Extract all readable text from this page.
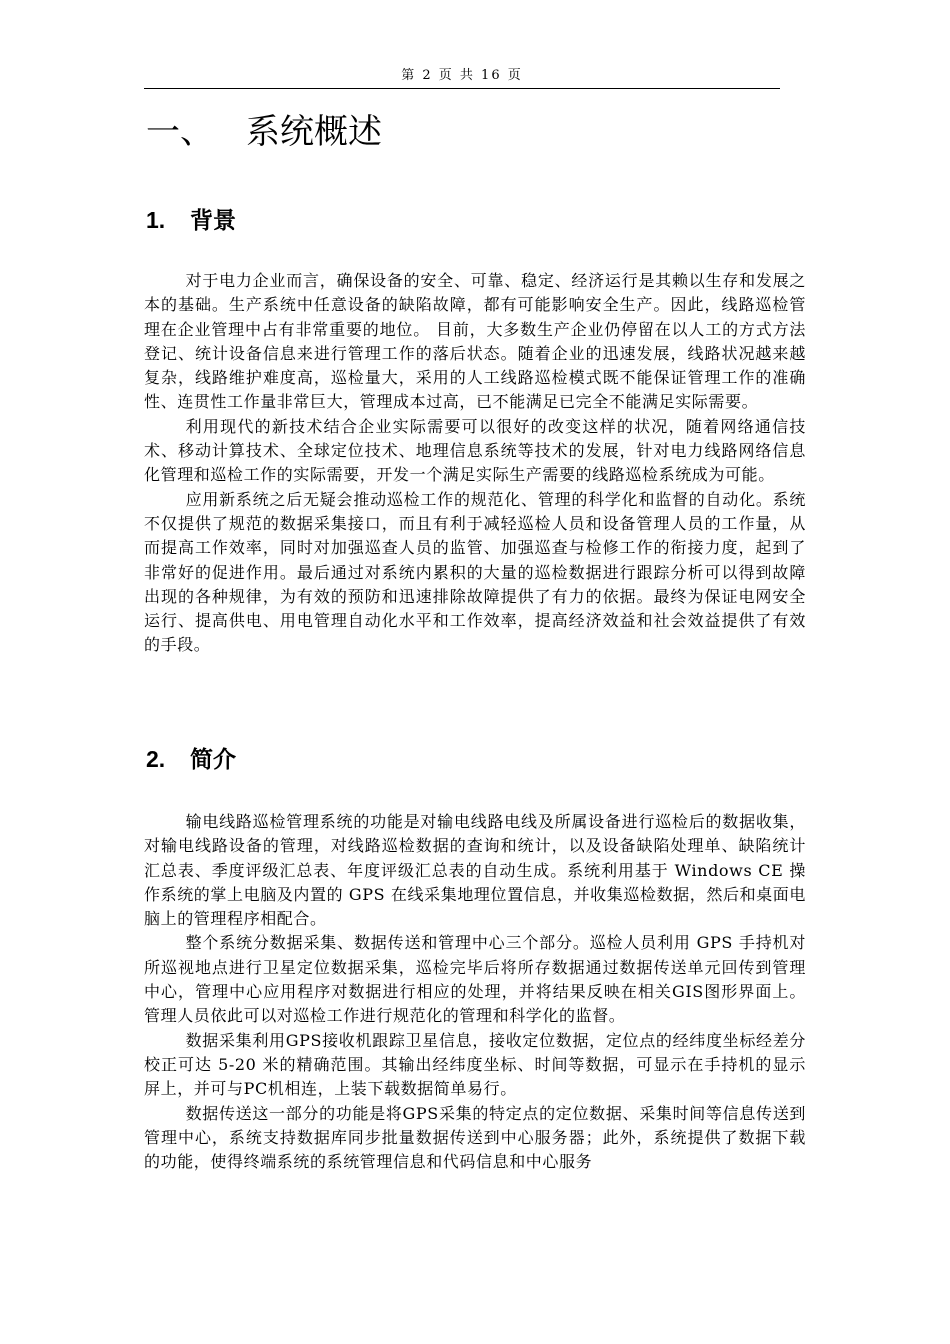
第 2 页 共 16 页
一、 系统概述
1. 背景

对于电力企业而言，确保设备的安全、可靠、稳定、经济运行是其赖以生存和发展之本的基础。生产系统中任意设备的缺陷故障，都有可能影响安全生产。因此，线路巡检管理在企业管理中占有非常重要的地位。 目前，大多数生产企业仍停留在以人工的方式方法登记、统计设备信息来进行管理工作的落后状态。随着企业的迅速发展，线路状况越来越复杂，线路维护难度高，巡检量大，采用的人工线路巡检模式既不能保证管理工作的准确性、连贯性工作量非常巨大，管理成本过高，已不能满足已完全不能满足实际需要。

利用现代的新技术结合企业实际需要可以很好的改变这样的状况，随着网络通信技术、移动计算技术、全球定位技术、地理信息系统等技术的发展，针对电力线路网络信息化管理和巡检工作的实际需要，开发一个满足实际生产需要的线路巡检系统成为可能。

应用新系统之后无疑会推动巡检工作的规范化、管理的科学化和监督的自动化。系统不仅提供了规范的数据采集接口，而且有利于减轻巡检人员和设备管理人员的工作量，从而提高工作效率，同时对加强巡查人员的监管、加强巡查与检修工作的衔接力度，起到了非常好的促进作用。最后通过对系统内累积的大量的巡检数据进行跟踪分析可以得到故障出现的各种规律，为有效的预防和迅速排除故障提供了有力的依据。最终为保证电网安全运行、提高供电、用电管理自动化水平和工作效率，提高经济效益和社会效益提供了有效的手段。

2. 简介

输电线路巡检管理系统的功能是对输电线路电线及所属设备进行巡检后的数据收集，对输电线路设备的管理，对线路巡检数据的查询和统计，以及设备缺陷处理单、缺陷统计汇总表、季度评级汇总表、年度评级汇总表的自动生成。系统利用基于 Windows CE 操作系统的掌上电脑及内置的 GPS 在线采集地理位置信息，并收集巡检数据，然后和桌面电脑上的管理程序相配合。

整个系统分数据采集、数据传送和管理中心三个部分。巡检人员利用 GPS 手持机对 所巡视地点进行卫星定位数据采集，巡检完毕后将所存数据通过数据传送单元回传到管理中心，管理中心应用程序对数据进行相应的处理，并将结果反映在相关GIS图形界面上。管理人员依此可以对巡检工作进行规范化的管理和科学化的监督。

数据采集利用GPS接收机跟踪卫星信息，接收定位数据，定位点的经纬度坐标经差分校正可达 5-20 米的精确范围。其输出经纬度坐标、时间等数据，可显示在手持机的显示屏上，并可与PC机相连，上装下载数据简单易行。

数据传送这一部分的功能是将GPS采集的特定点的定位数据、采集时间等信息传送到管理中心，系统支持数据库同步批量数据传送到中心服务器；此外，系统提供了数据下载的功能，使得终端系统的系统管理信息和代码信息和中心服务
